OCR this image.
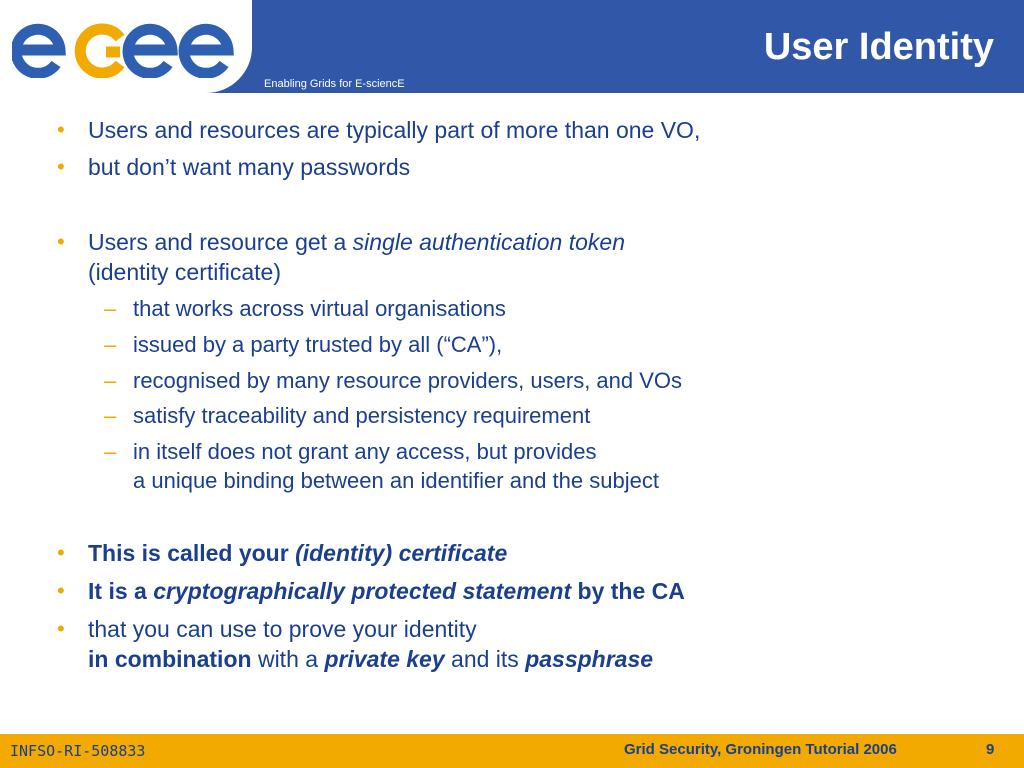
Enabling Grids for E-sciencE
User Identity
• Users and resources are typically part of more than one VO,
• but don’t want many passwords
• Users and resource get a single authentication token
(identity certificate)
– that works across virtual organisations
– issued by a party trusted by all (“CA”),
– recognised by many resource providers, users, and VOs
– satisfy traceability and persistency requirement
– in itself does not grant any access, but provides
a unique binding between an identifier and the subject
• This is called your (identity) certificate
• It is a cryptographically protected statement by the CA
• that you can use to prove your identity
in combination with a private key and its passphrase
INFSO-RI-508833	Grid Security, Groningen Tutorial 2006	9
